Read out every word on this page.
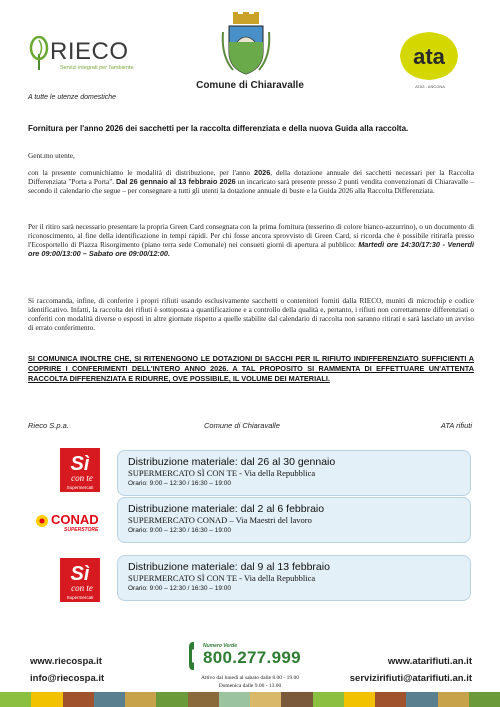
RIECO
Servizi integrati per l'ambiente
Comune di Chiaravalle
ata
ATA3 - ANCONA
A tutte le utenze domestiche
Fornitura per l'anno 2026 dei sacchetti per la raccolta differenziata e della nuova Guida alla raccolta.
Gent.mo utente,

con la presente comunichiamo le modalità di distribuzione, per l'anno 2026, della dotazione annuale dei sacchetti necessari per la Raccolta Differenziata "Porta a Porta". Dal 26 gennaio al 13 febbraio 2026 un incaricato sarà presente presso 2 punti vendita convenzionati di Chiaravalle – secondo il calendario che segue – per consegnare a tutti gli utenti la dotazione annuale di buste e la Guida 2026 alla Raccolta Differenziata.

Per il ritiro sarà necessario presentare la propria Green Card consegnata con la prima fornitura (tesserino di colore bianco-azzurrino), o un documento di riconoscimento, al fine della identificazione in tempi rapidi. Per chi fosse ancora sprovvisto di Green Card, si ricorda che è possibile ritirarla presso l'Ecosportello di Piazza Risorgimento (piano terra sede Comunale) nei consueti giorni di apertura al pubblico: Martedì ore 14:30/17:30 - Venerdì ore 09:00/13:00 – Sabato ore 09:00/12:00.

Si raccomanda, infine, di conferire i propri rifiuti usando esclusivamente sacchetti o contenitori forniti dalla RIECO, muniti di microchip e codice identificativo. Infatti, la raccolta dei rifiuti è sottoposta a quantificazione e a controllo della qualità e, pertanto, i rifiuti non correttamente differenziati o conferiti con modalità diverse o esposti in altre giornate rispetto a quelle stabilite dal calendario di raccolta non saranno ritirati e sarà lasciato un avviso di errato conferimento.

SI COMUNICA INOLTRE CHE, SI RITENENGONO LE DOTAZIONI DI SACCHI PER IL RIFIUTO INDIFFERENZIATO SUFFICIENTI A COPRIRE I CONFERIMENTI DELL'INTERO ANNO 2026. A TAL PROPOSITO SI RAMMENTA DI EFFETTUARE UN'ATTENTA RACCOLTA DIFFERENZIATA E RIDURRE, OVE POSSIBILE, IL VOLUME DEI MATERIALI.

Rieco S.p.a.	Comune di Chiaravalle	ATA rifiuti
Sì
con te
Supermercati
CONAD
SUPERSTORE
Sì
con te
Supermercati
Distribuzione materiale: dal 26 al 30 gennaio
SUPERMERCATO SÌ CON TE - Via della Repubblica
Orario: 9:00 – 12:30 / 16:30 – 19:00
Distribuzione materiale: dal 2 al 6 febbraio
SUPERMERCATO CONAD – Via Maestri del lavoro
Orario: 9:00 – 12:30 / 16:30 – 19:00
Distribuzione materiale: dal 9 al 13 febbraio
SUPERMERCATO SÌ CON TE - Via della Repubblica
Orario: 9:00 – 12:30 / 16:30 – 19:00
www.riecospa.it
info@riecospa.it
www.atarifiuti.an.it
servizirifiuti@atarifiuti.an.it
Numero Verde
800.277.999
Attivo dal lunedì al sabato dalle 8.00 - 19.00
Domenica dalle 9.00 - 13.00
